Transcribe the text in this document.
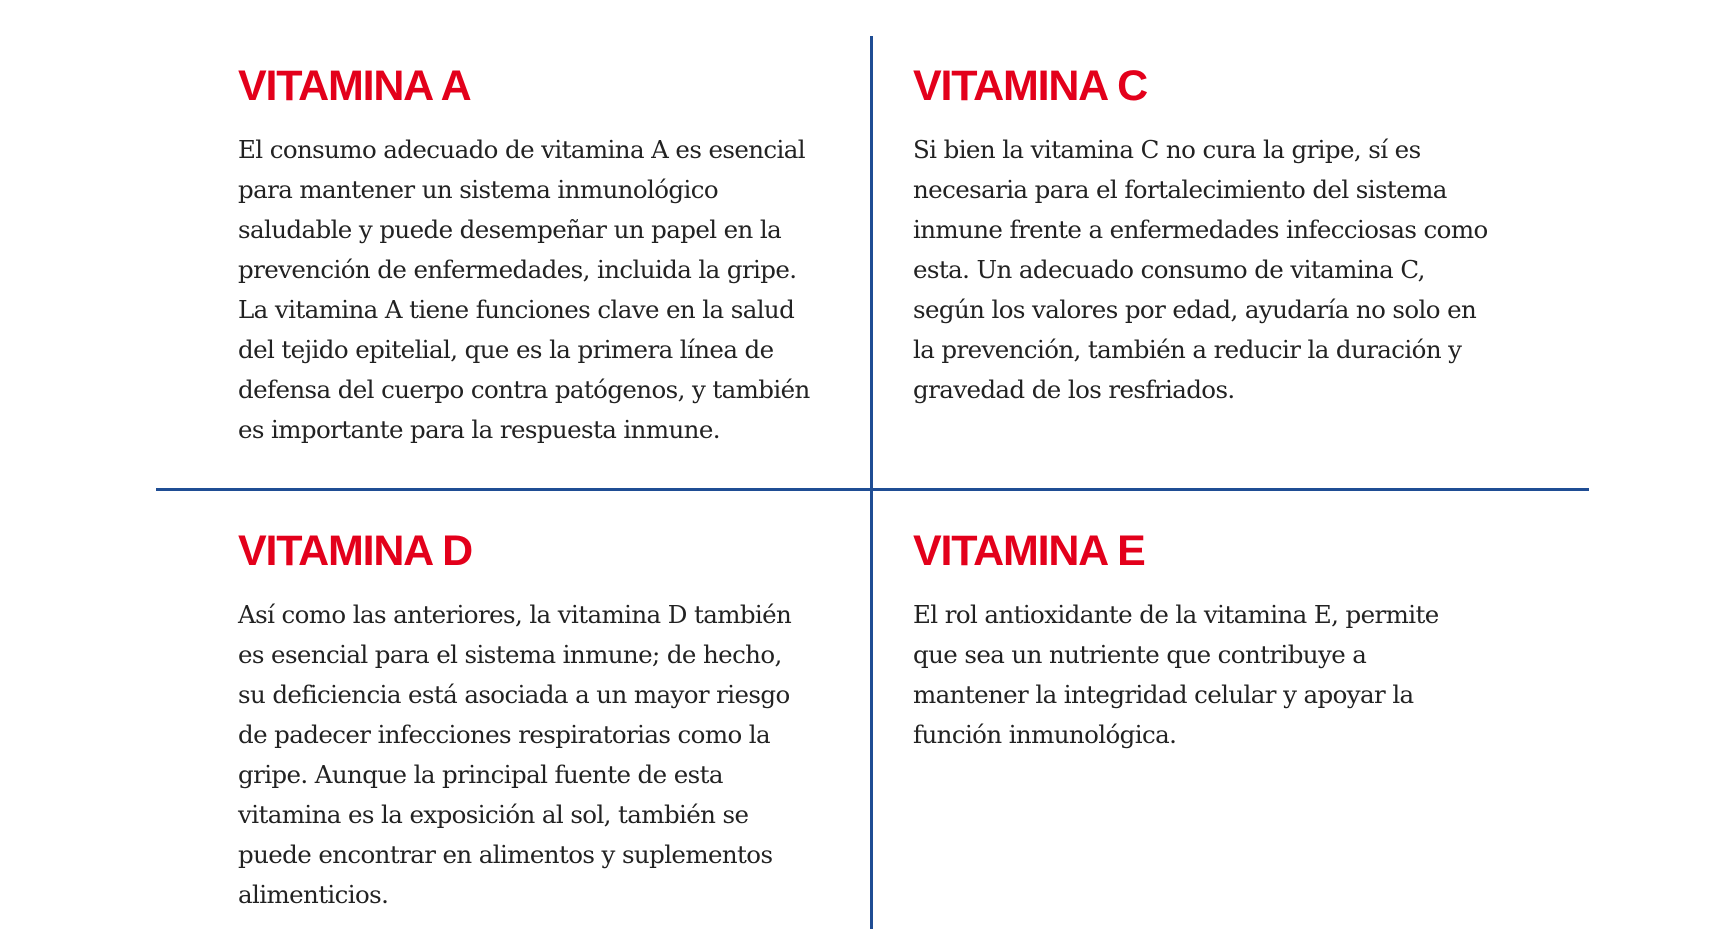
VITAMINA A

El consumo adecuado de vitamina A es esencial
para mantener un sistema inmunológico
saludable y puede desempeñar un papel en la
prevención de enfermedades, incluida la gripe.
La vitamina A tiene funciones clave en la salud
del tejido epitelial, que es la primera línea de
defensa del cuerpo contra patógenos, y también
es importante para la respuesta inmune.

VITAMINA C

Si bien la vitamina C no cura la gripe, sí es
necesaria para el fortalecimiento del sistema
inmune frente a enfermedades infecciosas como
esta. Un adecuado consumo de vitamina C,
según los valores por edad, ayudaría no solo en
la prevención, también a reducir la duración y
gravedad de los resfriados.

VITAMINA D

Así como las anteriores, la vitamina D también
es esencial para el sistema inmune; de hecho,
su deficiencia está asociada a un mayor riesgo
de padecer infecciones respiratorias como la
gripe. Aunque la principal fuente de esta
vitamina es la exposición al sol, también se
puede encontrar en alimentos y suplementos
alimenticios.

VITAMINA E

El rol antioxidante de la vitamina E, permite
que sea un nutriente que contribuye a
mantener la integridad celular y apoyar la
función inmunológica.
